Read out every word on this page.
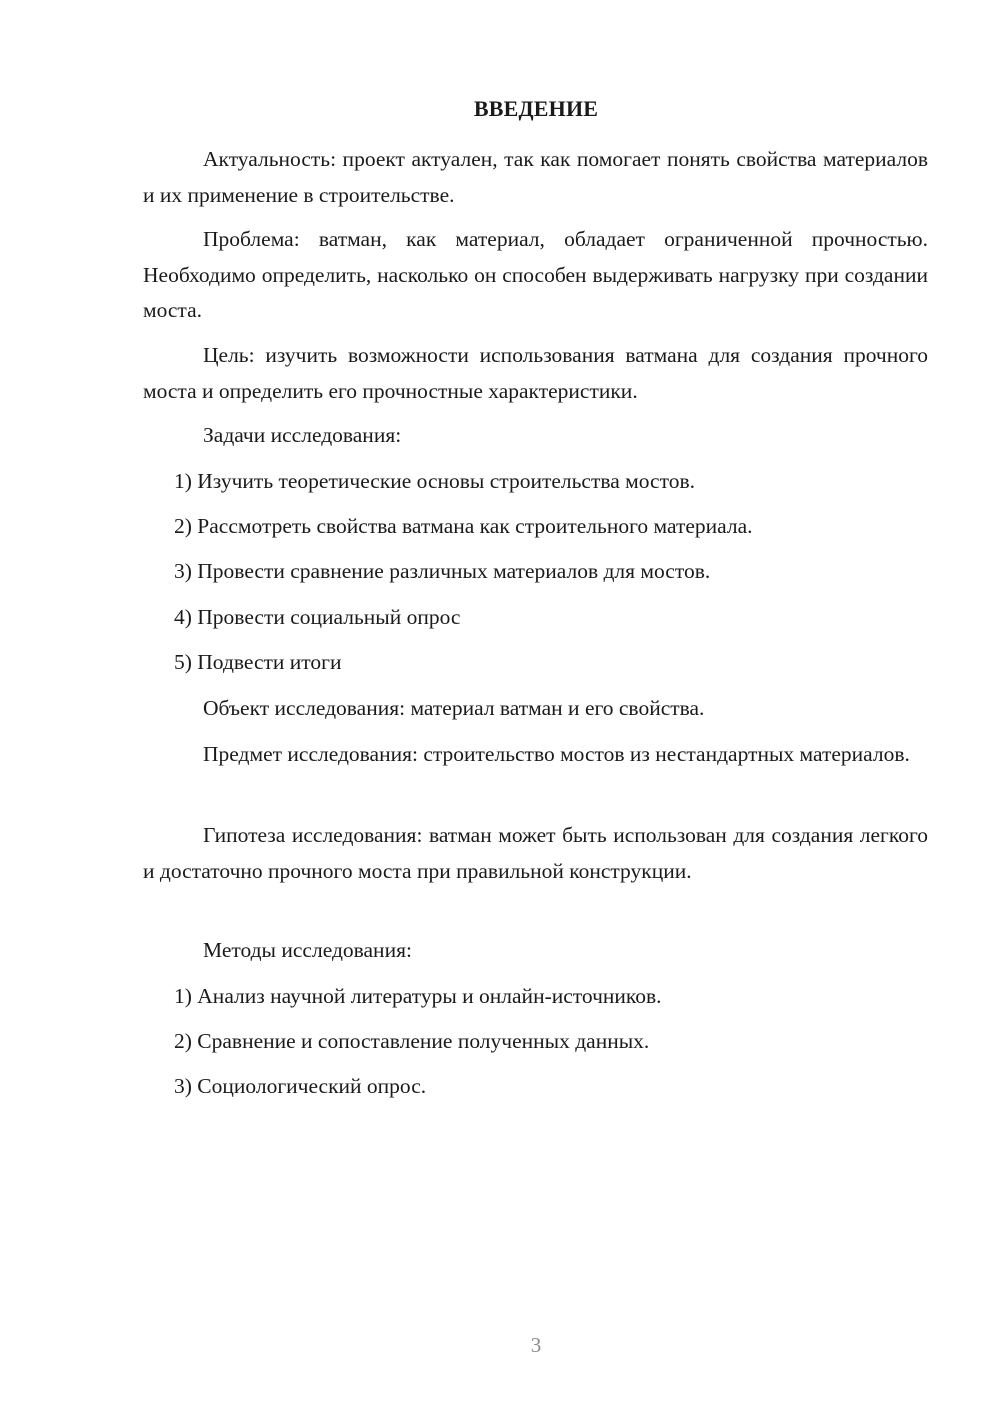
ВВЕДЕНИЕ

Актуальность: проект актуален, так как помогает понять свойства материалов и их применение в строительстве.

Проблема: ватман, как материал, обладает ограниченной прочностью. Необходимо определить, насколько он способен выдерживать нагрузку при создании моста.

Цель: изучить возможности использования ватмана для создания прочного моста и определить его прочностные характеристики.

Задачи исследования:

1) Изучить теоретические основы строительства мостов.

2) Рассмотреть свойства ватмана как строительного материала.

3) Провести сравнение различных материалов для мостов.

4) Провести социальный опрос

5) Подвести итоги

Объект исследования: материал ватман и его свойства.

Предмет исследования: строительство мостов из нестандартных материалов.

Гипотеза исследования: ватман может быть использован для создания легкого и достаточно прочного моста при правильной конструкции.

Методы исследования:

1) Анализ научной литературы и онлайн-источников.

2) Сравнение и сопоставление полученных данных.

3) Социологический опрос.

3
